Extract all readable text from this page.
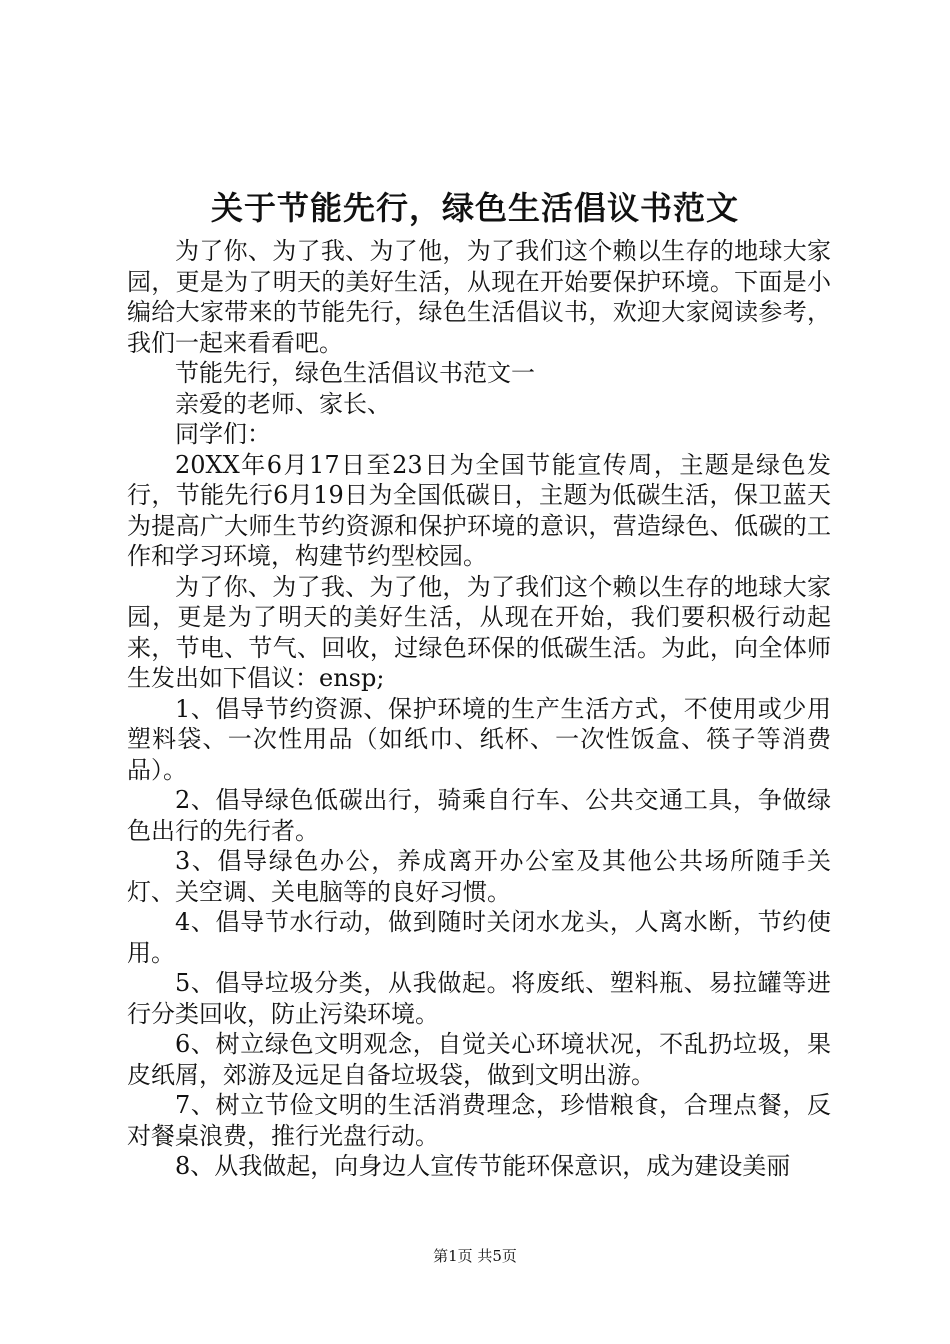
关于节能先行，绿色生活倡议书范文

为了你、为了我、为了他，为了我们这个赖以生存的地球大家园，更是为了明天的美好生活，从现在开始要保护环境。下面是小编给大家带来的节能先行，绿色生活倡议书，欢迎大家阅读参考，我们一起来看看吧。

节能先行，绿色生活倡议书范文一

亲爱的老师、家长、

同学们：

20XX年6月17日至23日为全国节能宣传周，主题是绿色发行，节能先行6月19日为全国低碳日，主题为低碳生活，保卫蓝天为提高广大师生节约资源和保护环境的意识，营造绿色、低碳的工作和学习环境，构建节约型校园。

为了你、为了我、为了他，为了我们这个赖以生存的地球大家园，更是为了明天的美好生活，从现在开始，我们要积极行动起来，节电、节气、回收，过绿色环保的低碳生活。为此，向全体师生发出如下倡议：ensp;

1、倡导节约资源、保护环境的生产生活方式，不使用或少用塑料袋、一次性用品（如纸巾、纸杯、一次性饭盒、筷子等消费品）。

2、倡导绿色低碳出行，骑乘自行车、公共交通工具，争做绿色出行的先行者。

3、倡导绿色办公，养成离开办公室及其他公共场所随手关灯、关空调、关电脑等的良好习惯。

4、倡导节水行动，做到随时关闭水龙头，人离水断，节约使用。

5、倡导垃圾分类，从我做起。将废纸、塑料瓶、易拉罐等进行分类回收，防止污染环境。

6、树立绿色文明观念，自觉关心环境状况，不乱扔垃圾，果皮纸屑，郊游及远足自备垃圾袋，做到文明出游。

7、树立节俭文明的生活消费理念，珍惜粮食，合理点餐，反对餐桌浪费，推行光盘行动。

8、从我做起，向身边人宣传节能环保意识，成为建设美丽

第1页 共5页
